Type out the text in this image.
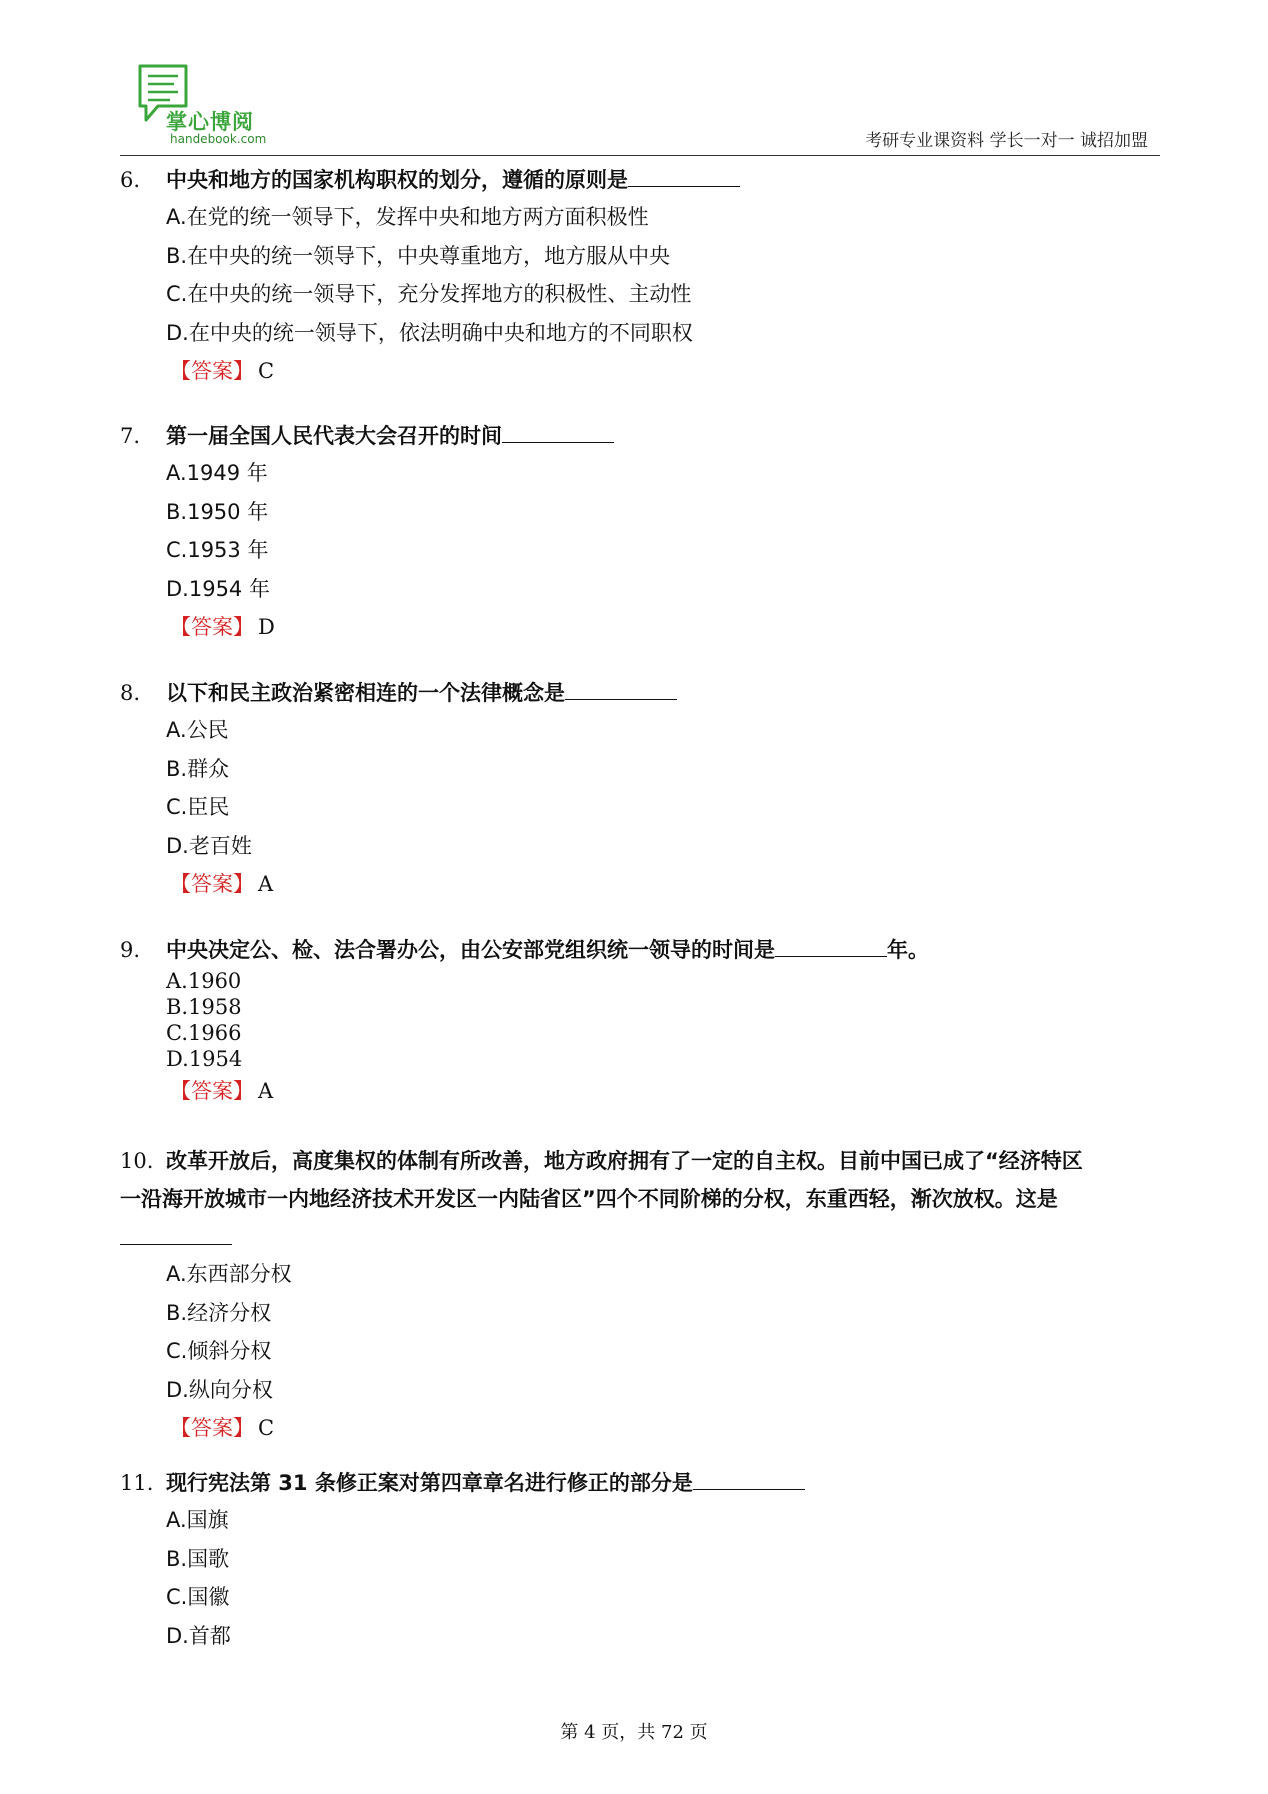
掌心博阅
handebook.com	考研专业课资料 学长一对一 诚招加盟
6. 中央和地方的国家机构职权的划分，遵循的原则是
A.在党的统一领导下，发挥中央和地方两方面积极性
B.在中央的统一领导下，中央尊重地方，地方服从中央
C.在中央的统一领导下，充分发挥地方的积极性、主动性
D.在中央的统一领导下，依法明确中央和地方的不同职权
【答案】 C
7. 第一届全国人民代表大会召开的时间
A.1949 年
B.1950 年
C.1953 年
D.1954 年
【答案】 D
8. 以下和民主政治紧密相连的一个法律概念是
A.公民
B.群众
C.臣民
D.老百姓
【答案】 A
9. 中央决定公、检、法合署办公，由公安部党组织统一领导的时间是	年。
A.1960
B.1958
C.1966
D.1954
【答案】 A
10. 改革开放后，高度集权的体制有所改善，地方政府拥有了一定的自主权。目前中国已成了“经济特区
一沿海开放城市一内地经济技术开发区一内陆省区”四个不同阶梯的分权，东重西轻，渐次放权。这是
A.东西部分权
B.经济分权
C.倾斜分权
D.纵向分权
【答案】 C
11. 现行宪法第 31 条修正案对第四章章名进行修正的部分是
A.国旗
B.国歌
C.国徽
D.首都
第 4 页，共 72 页
